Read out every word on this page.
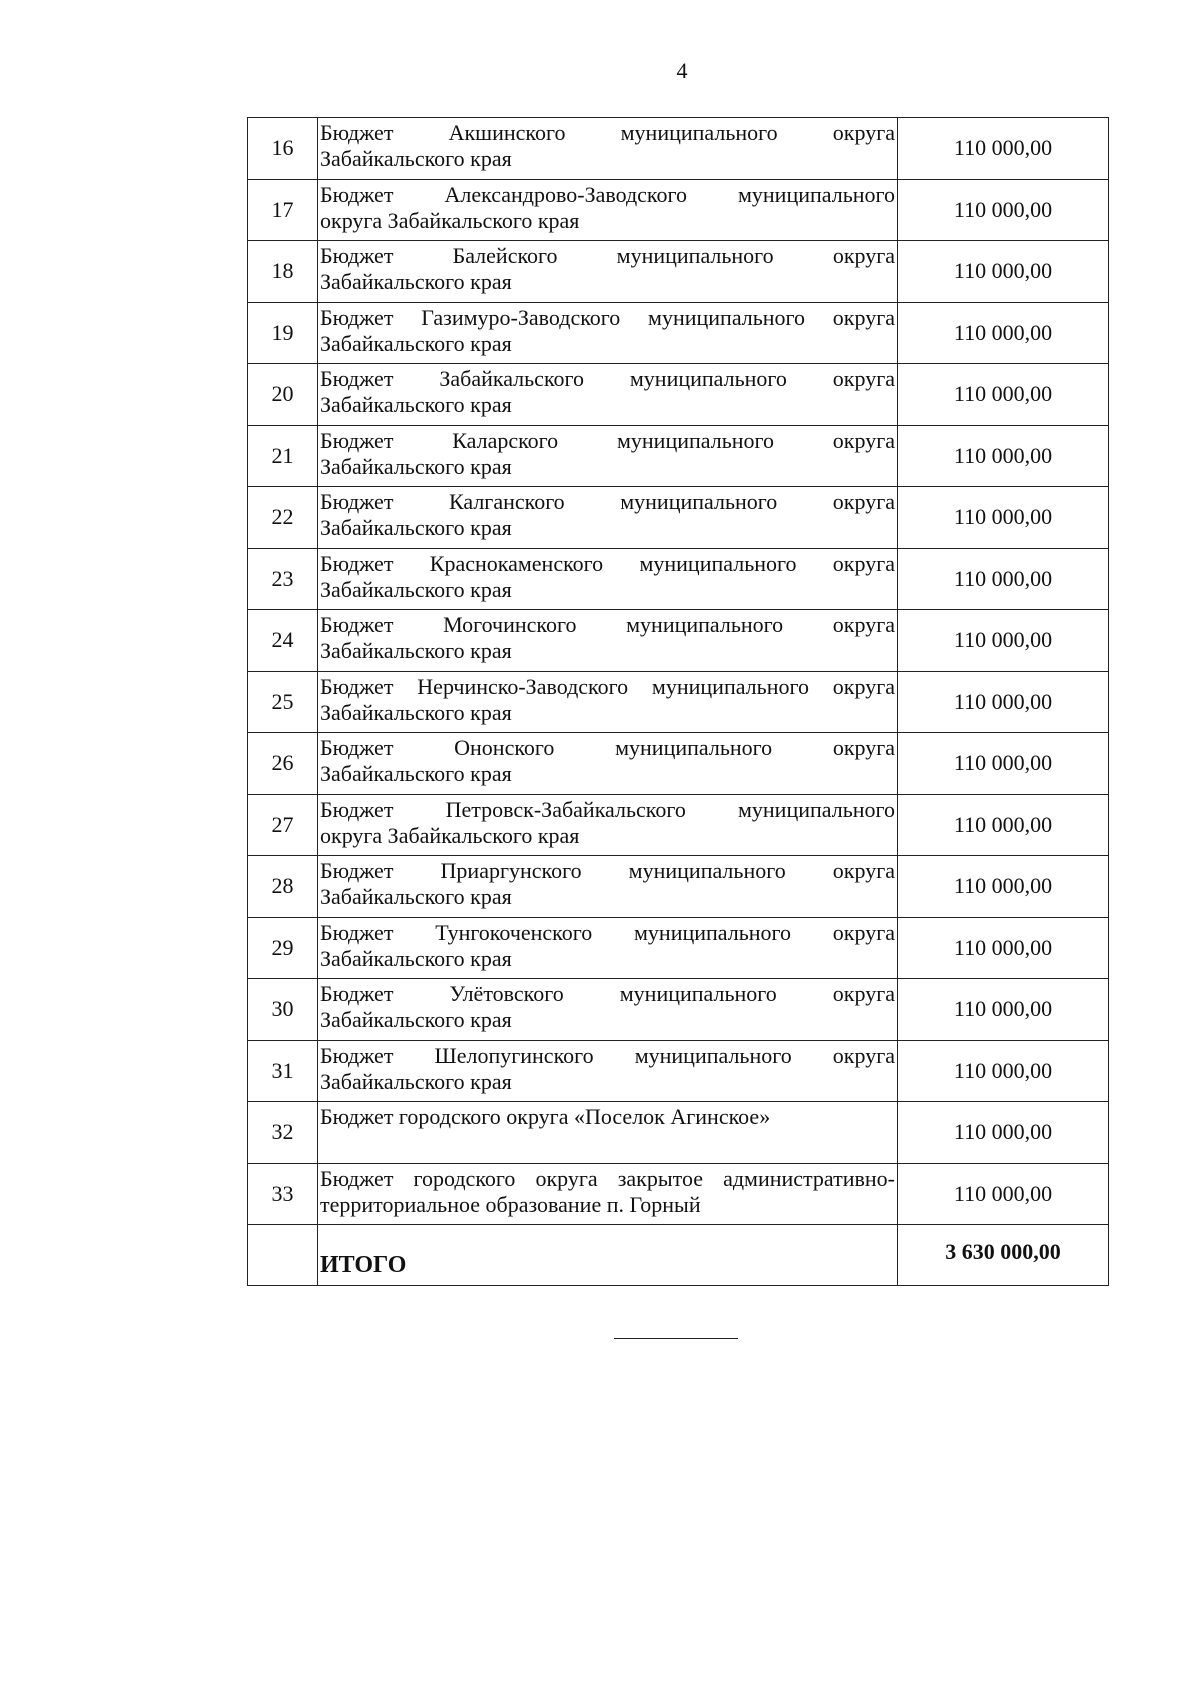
4
16	Бюджет Акшинского муниципального округа
Забайкальского края	110 000,00
17	Бюджет Александрово-Заводского муниципального
округа Забайкальского края	110 000,00
18	Бюджет Балейского муниципального округа
Забайкальского края	110 000,00
19	Бюджет Газимуро-Заводского муниципального округа
Забайкальского края	110 000,00
20	Бюджет Забайкальского муниципального округа
Забайкальского края	110 000,00
21	Бюджет Каларского муниципального округа
Забайкальского края	110 000,00
22	Бюджет Калганского муниципального округа
Забайкальского края	110 000,00
23	Бюджет Краснокаменского муниципального округа
Забайкальского края	110 000,00
24	Бюджет Могочинского муниципального округа
Забайкальского края	110 000,00
25	Бюджет Нерчинско-Заводского муниципального округа
Забайкальского края	110 000,00
26	Бюджет Ононского муниципального округа
Забайкальского края	110 000,00
27	Бюджет Петровск-Забайкальского муниципального
округа Забайкальского края	110 000,00
28	Бюджет Приаргунского муниципального округа
Забайкальского края	110 000,00
29	Бюджет Тунгокоченского муниципального округа
Забайкальского края	110 000,00
30	Бюджет Улётовского муниципального округа
Забайкальского края	110 000,00
31	Бюджет Шелопугинского муниципального округа
Забайкальского края	110 000,00
32	Бюджет городского округа «Поселок Агинское»	110 000,00
33	Бюджет городского округа закрытое административно-
территориальное образование п. Горный	110 000,00
	ИТОГО	3 630 000,00
